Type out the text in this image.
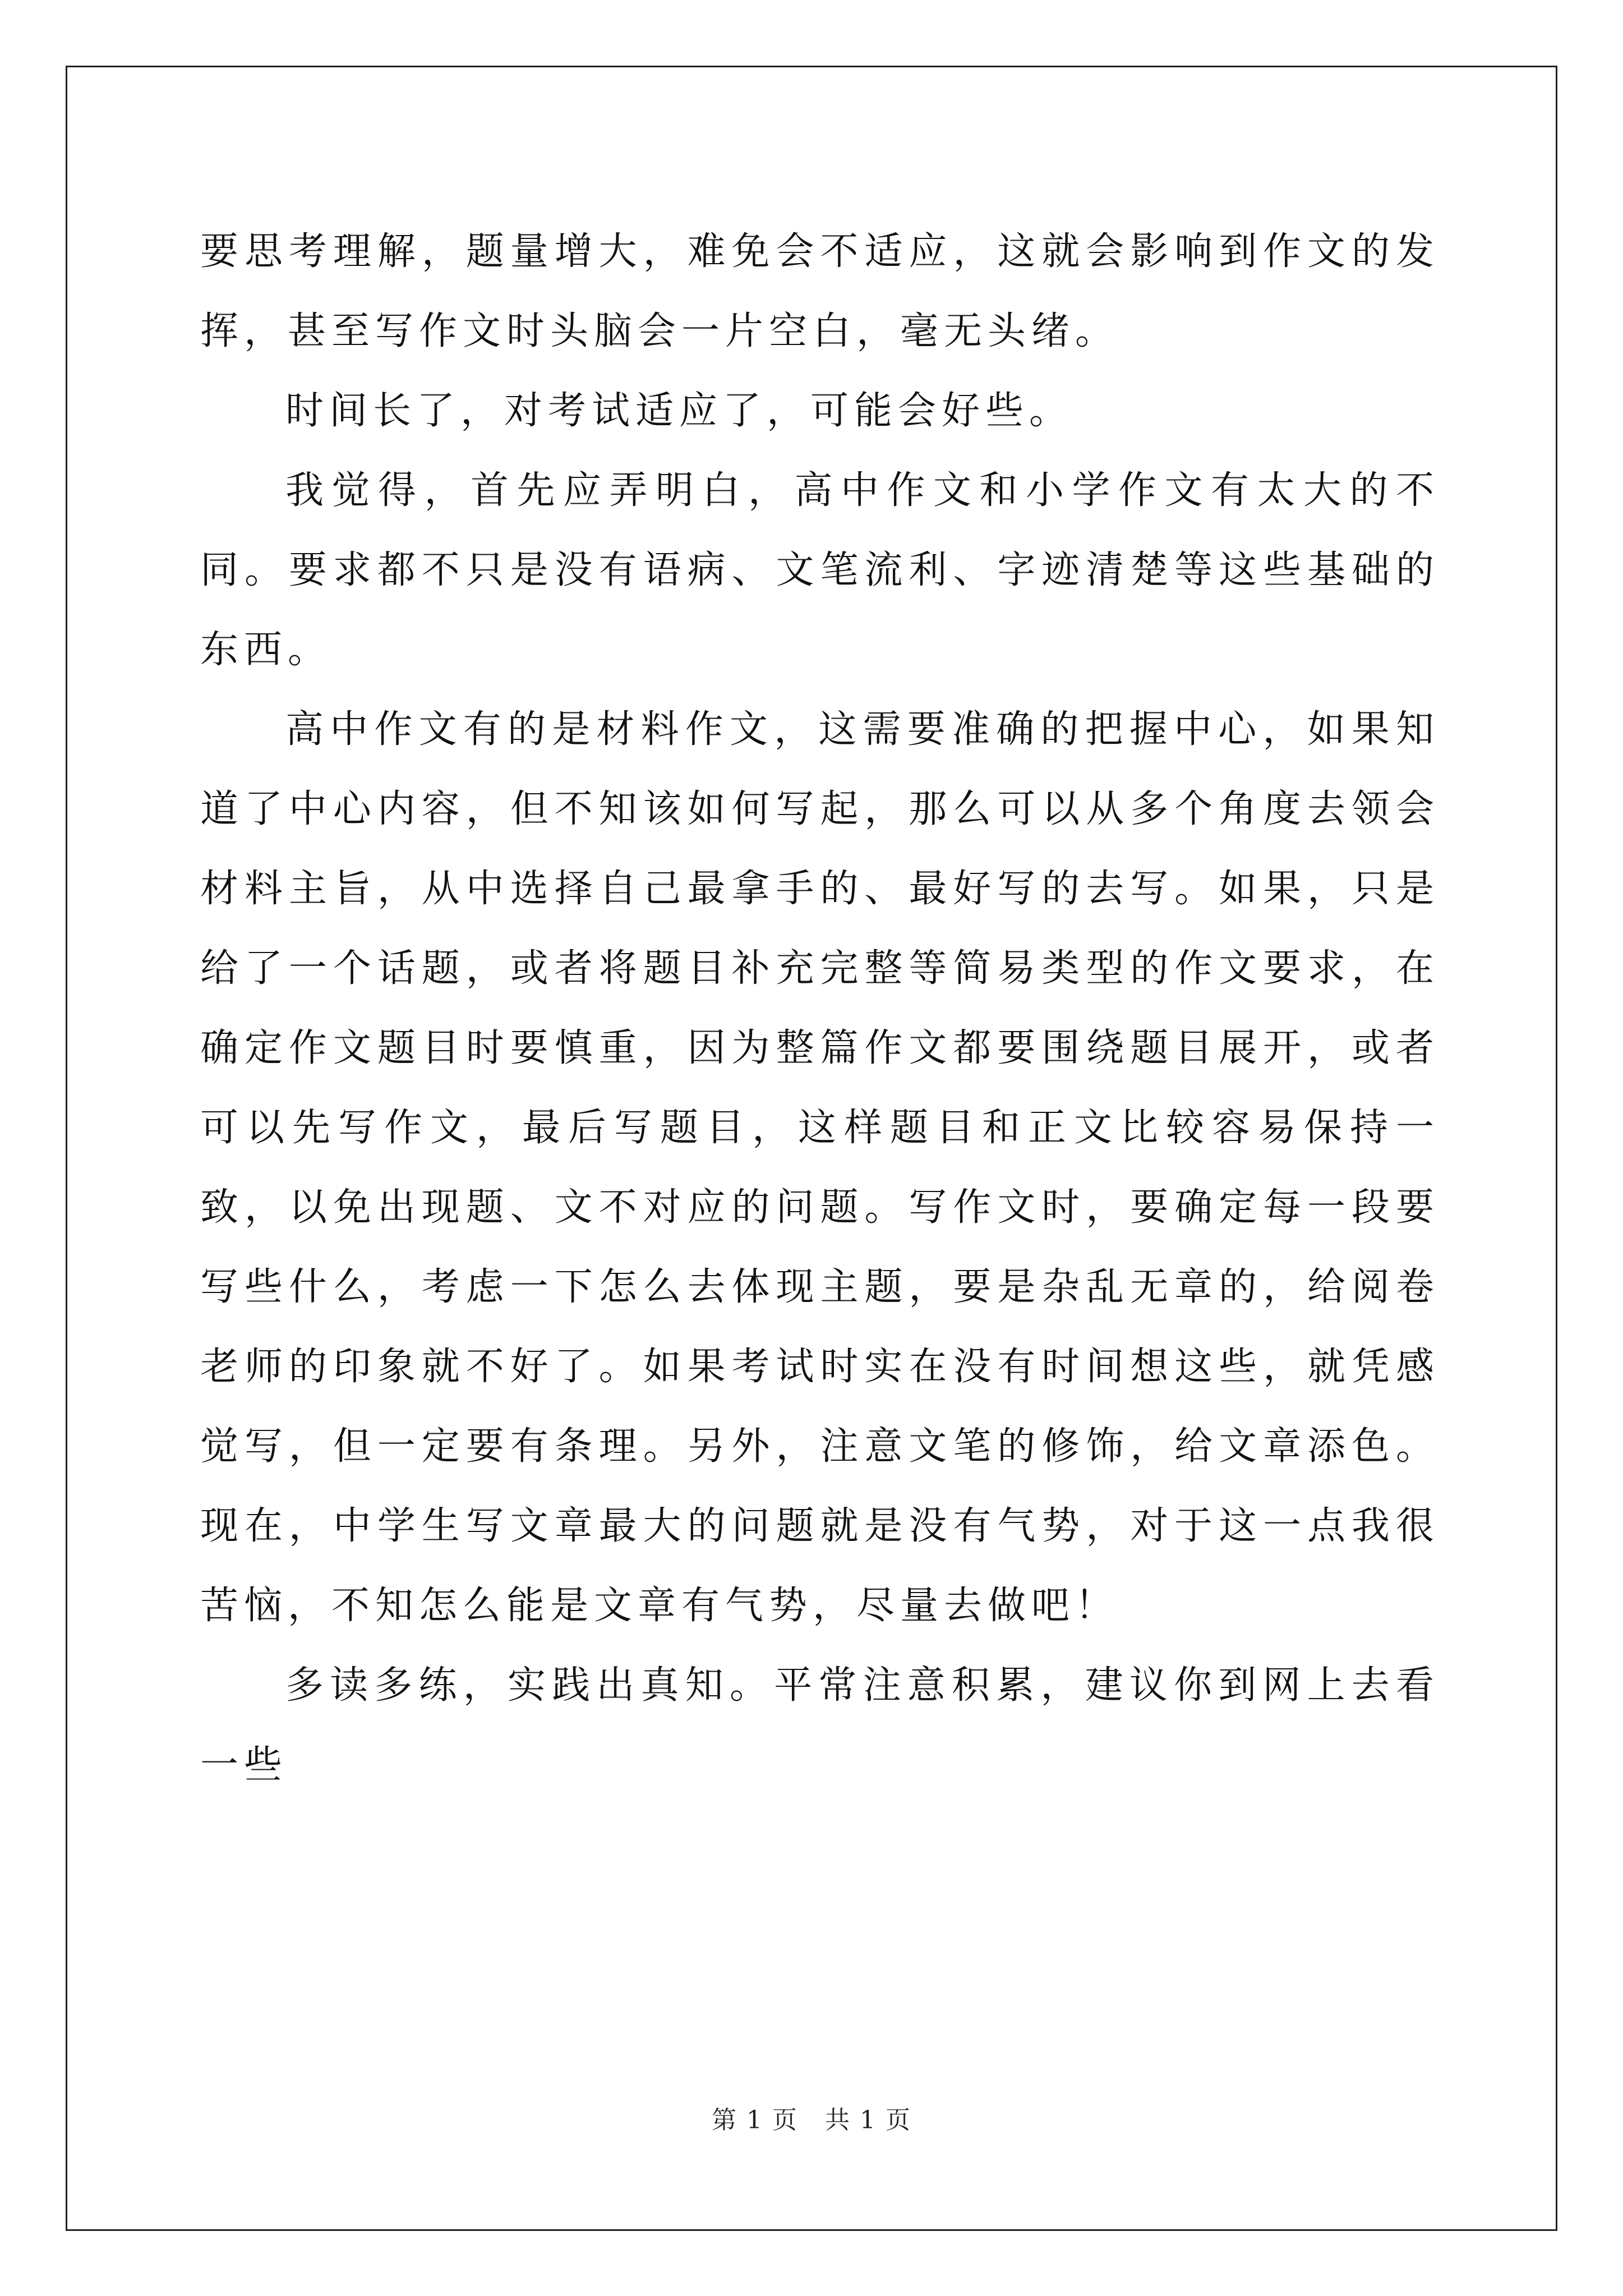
要思考理解，题量增大，难免会不适应，这就会影响到作文的发挥，甚至写作文时头脑会一片空白，毫无头绪。

时间长了，对考试适应了，可能会好些。

我觉得，首先应弄明白，高中作文和小学作文有太大的不同。要求都不只是没有语病、文笔流利、字迹清楚等这些基础的东西。

高中作文有的是材料作文，这需要准确的把握中心，如果知道了中心内容，但不知该如何写起，那么可以从多个角度去领会材料主旨，从中选择自己最拿手的、最好写的去写。如果，只是给了一个话题，或者将题目补充完整等简易类型的作文要求，在确定作文题目时要慎重，因为整篇作文都要围绕题目展开，或者可以先写作文，最后写题目，这样题目和正文比较容易保持一致，以免出现题、文不对应的问题。写作文时，要确定每一段要写些什么，考虑一下怎么去体现主题，要是杂乱无章的，给阅卷老师的印象就不好了。如果考试时实在没有时间想这些，就凭感觉写，但一定要有条理。另外，注意文笔的修饰，给文章添色。现在，中学生写文章最大的问题就是没有气势，对于这一点我很苦恼，不知怎么能是文章有气势，尽量去做吧！

多读多练，实践出真知。平常注意积累，建议你到网上去看一些

第 1 页 共 1 页
